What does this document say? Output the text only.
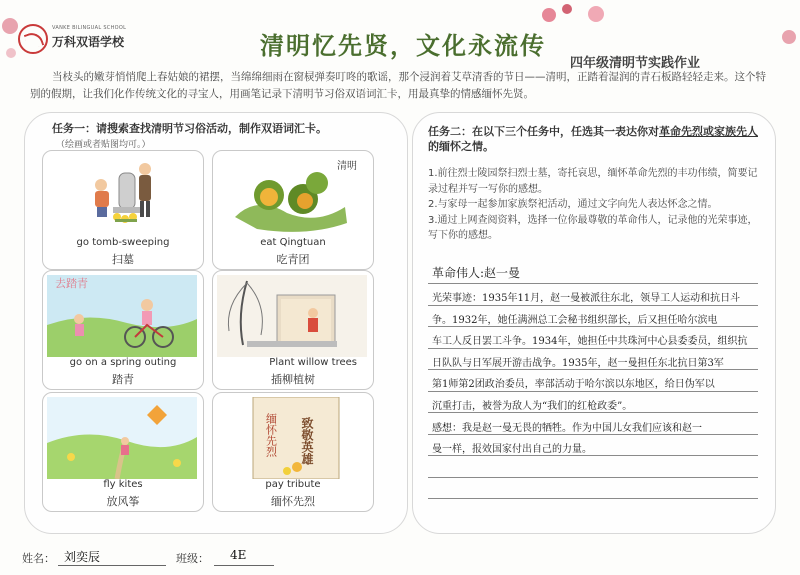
VANKE BILINGUAL SCHOOL
万科双语学校	清明忆先贤，文化永流传
四年级清明节实践作业
当枝头的嫩芽悄悄爬上春姑娘的裙摆，当绵绵细雨在窗棂弹奏叮咚的歌谣，那个浸润着艾草清香的节日——清明，正踏着湿润的青石板路轻轻走来。这个特别的假期，让我们化作传统文化的寻宝人，用画笔记录下清明节习俗双语词汇卡，用最真挚的情感缅怀先贤。
任务一：请搜索查找清明节习俗活动，制作双语词汇卡。
（绘画或者贴图均可。）
go tomb-sweeping
扫墓
清明
eat Qingtuan
吃青团
去踏青
go on a spring outing
踏青
Plant willow trees
插柳植树
fly kites
放风筝
缅怀先烈 致敬英雄
pay tribute
缅怀先烈
任务二：在以下三个任务中，任选其一表达你对革命先烈或家族先人的缅怀之情。

1.前往烈士陵园祭扫烈士墓，寄托哀思，缅怀革命先烈的丰功伟绩，简要记录过程并写一写你的感想。

2.与家母一起参加家族祭祀活动，通过文字向先人表达怀念之情。

3.通过上网查阅资料，选择一位你最尊敬的革命伟人，记录他的光荣事迹，写下你的感想。

革命伟人:赵一曼
光荣事迹：1935年11月，赵一曼被派往东北，领导工人运动和抗日斗
争。1932年，她任满洲总工会秘书组织部长，后又担任哈尔滨电
车工人反日罢工斗争。1934年，她担任中共珠河中心县委委员，组织抗
日队队与日军展开游击战争。1935年，赵一曼担任东北抗日第3军
第1师第2团政治委员，率部活动于哈尔滨以东地区，给日伪军以
沉重打击，被誉为敌人为“我们的红枪政委”。
感想：我是赵一曼无畏的牺牲。作为中国儿女我们应该和赵一
曼一样，报效国家付出自己的力量。
姓名： 刘奕辰	班级： 4E
